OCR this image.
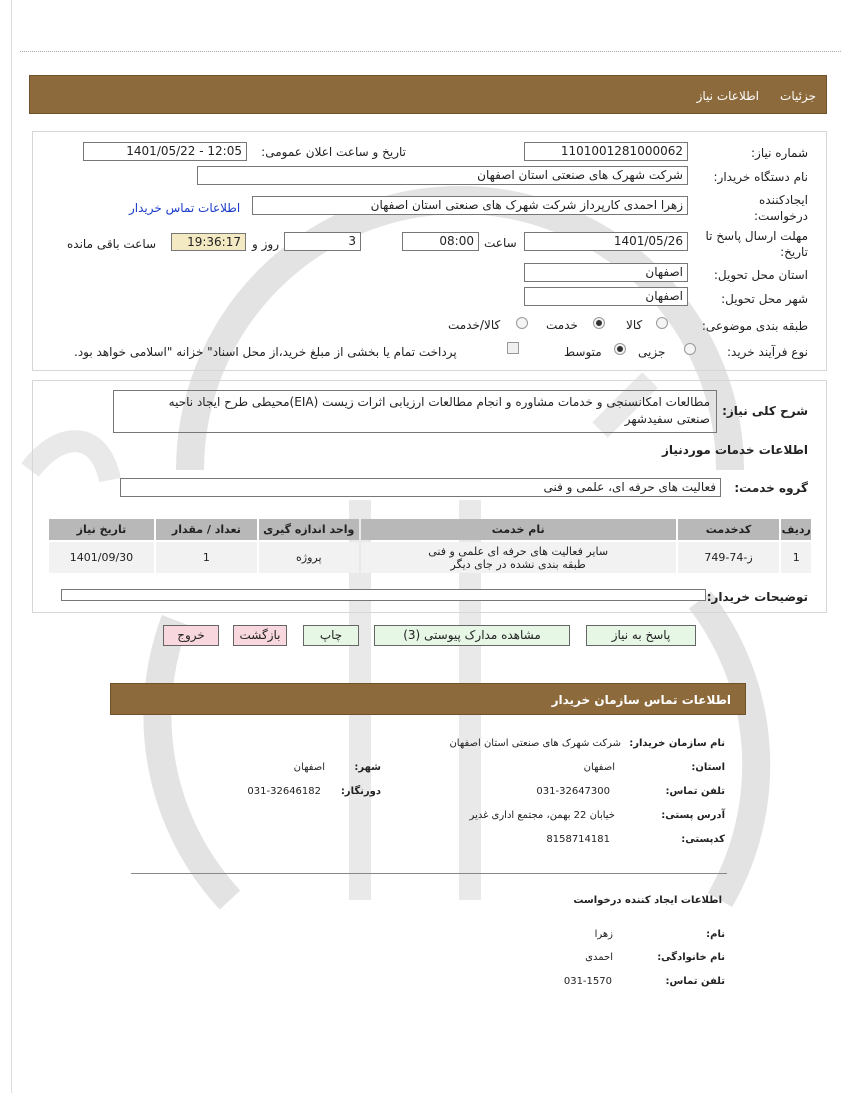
جزئیات
اطلاعات نیاز
شماره نیاز:
1101001281000062
تاریخ و ساعت اعلان عمومی:
1401/05/22 - 12:05
نام دستگاه خریدار:
شرکت شهرک های صنعتی استان اصفهان
ایجادکننده
درخواست:
زهرا احمدی کارپرداز شرکت شهرک های صنعتی استان اصفهان
اطلاعات تماس خریدار
مهلت ارسال پاسخ تا
تاریخ:
1401/05/26
ساعت
08:00
3
روز و
19:36:17
ساعت باقی مانده
استان محل تحویل:
اصفهان
شهر محل تحویل:
اصفهان
طبقه بندی موضوعی:
کالا
خدمت
کالا/خدمت
نوع فرآیند خرید:
جزیی
متوسط
پرداخت تمام یا بخشی از مبلغ خرید،از محل اسناد" خزانه "اسلامی خواهد بود.
شرح کلی نیاز:
مطالعات امکانسنجی و خدمات مشاوره و انجام مطالعات ارزیابی اثرات زیست (EIA)محیطی طرح ایجاد ناحیه
صنعتی سفیدشهر
اطلاعات خدمات موردنیاز
گروه خدمت:
فعالیت های حرفه ای، علمی و فنی
تاریخ نیاز	تعداد / مقدار	واحد اندازه گیری	نام خدمت	کدخدمت	ردیف
1401/09/30	1	پروژه	سایر فعالیت های حرفه ای علمی و فنی
طبقه بندی نشده در جای دیگر	ز-74-749	1
توضیحات خریدار:
پاسخ به نیاز
مشاهده مدارک پیوستی (3)
چاپ
بازگشت
خروج
اطلاعات تماس سازمان خریدار
نام سازمان خریدار:
شرکت شهرک های صنعتی استان اصفهان
استان:
اصفهان
شهر:
اصفهان
تلفن تماس:
031-32647300
دورنگار:
031-32646182
آدرس پستی:
خیابان 22 بهمن، مجتمع اداری غدیر
کدپستی:
8158714181
اطلاعات ایجاد کننده درخواست
نام:
زهرا
نام خانوادگی:
احمدی
تلفن تماس:
031-1570
